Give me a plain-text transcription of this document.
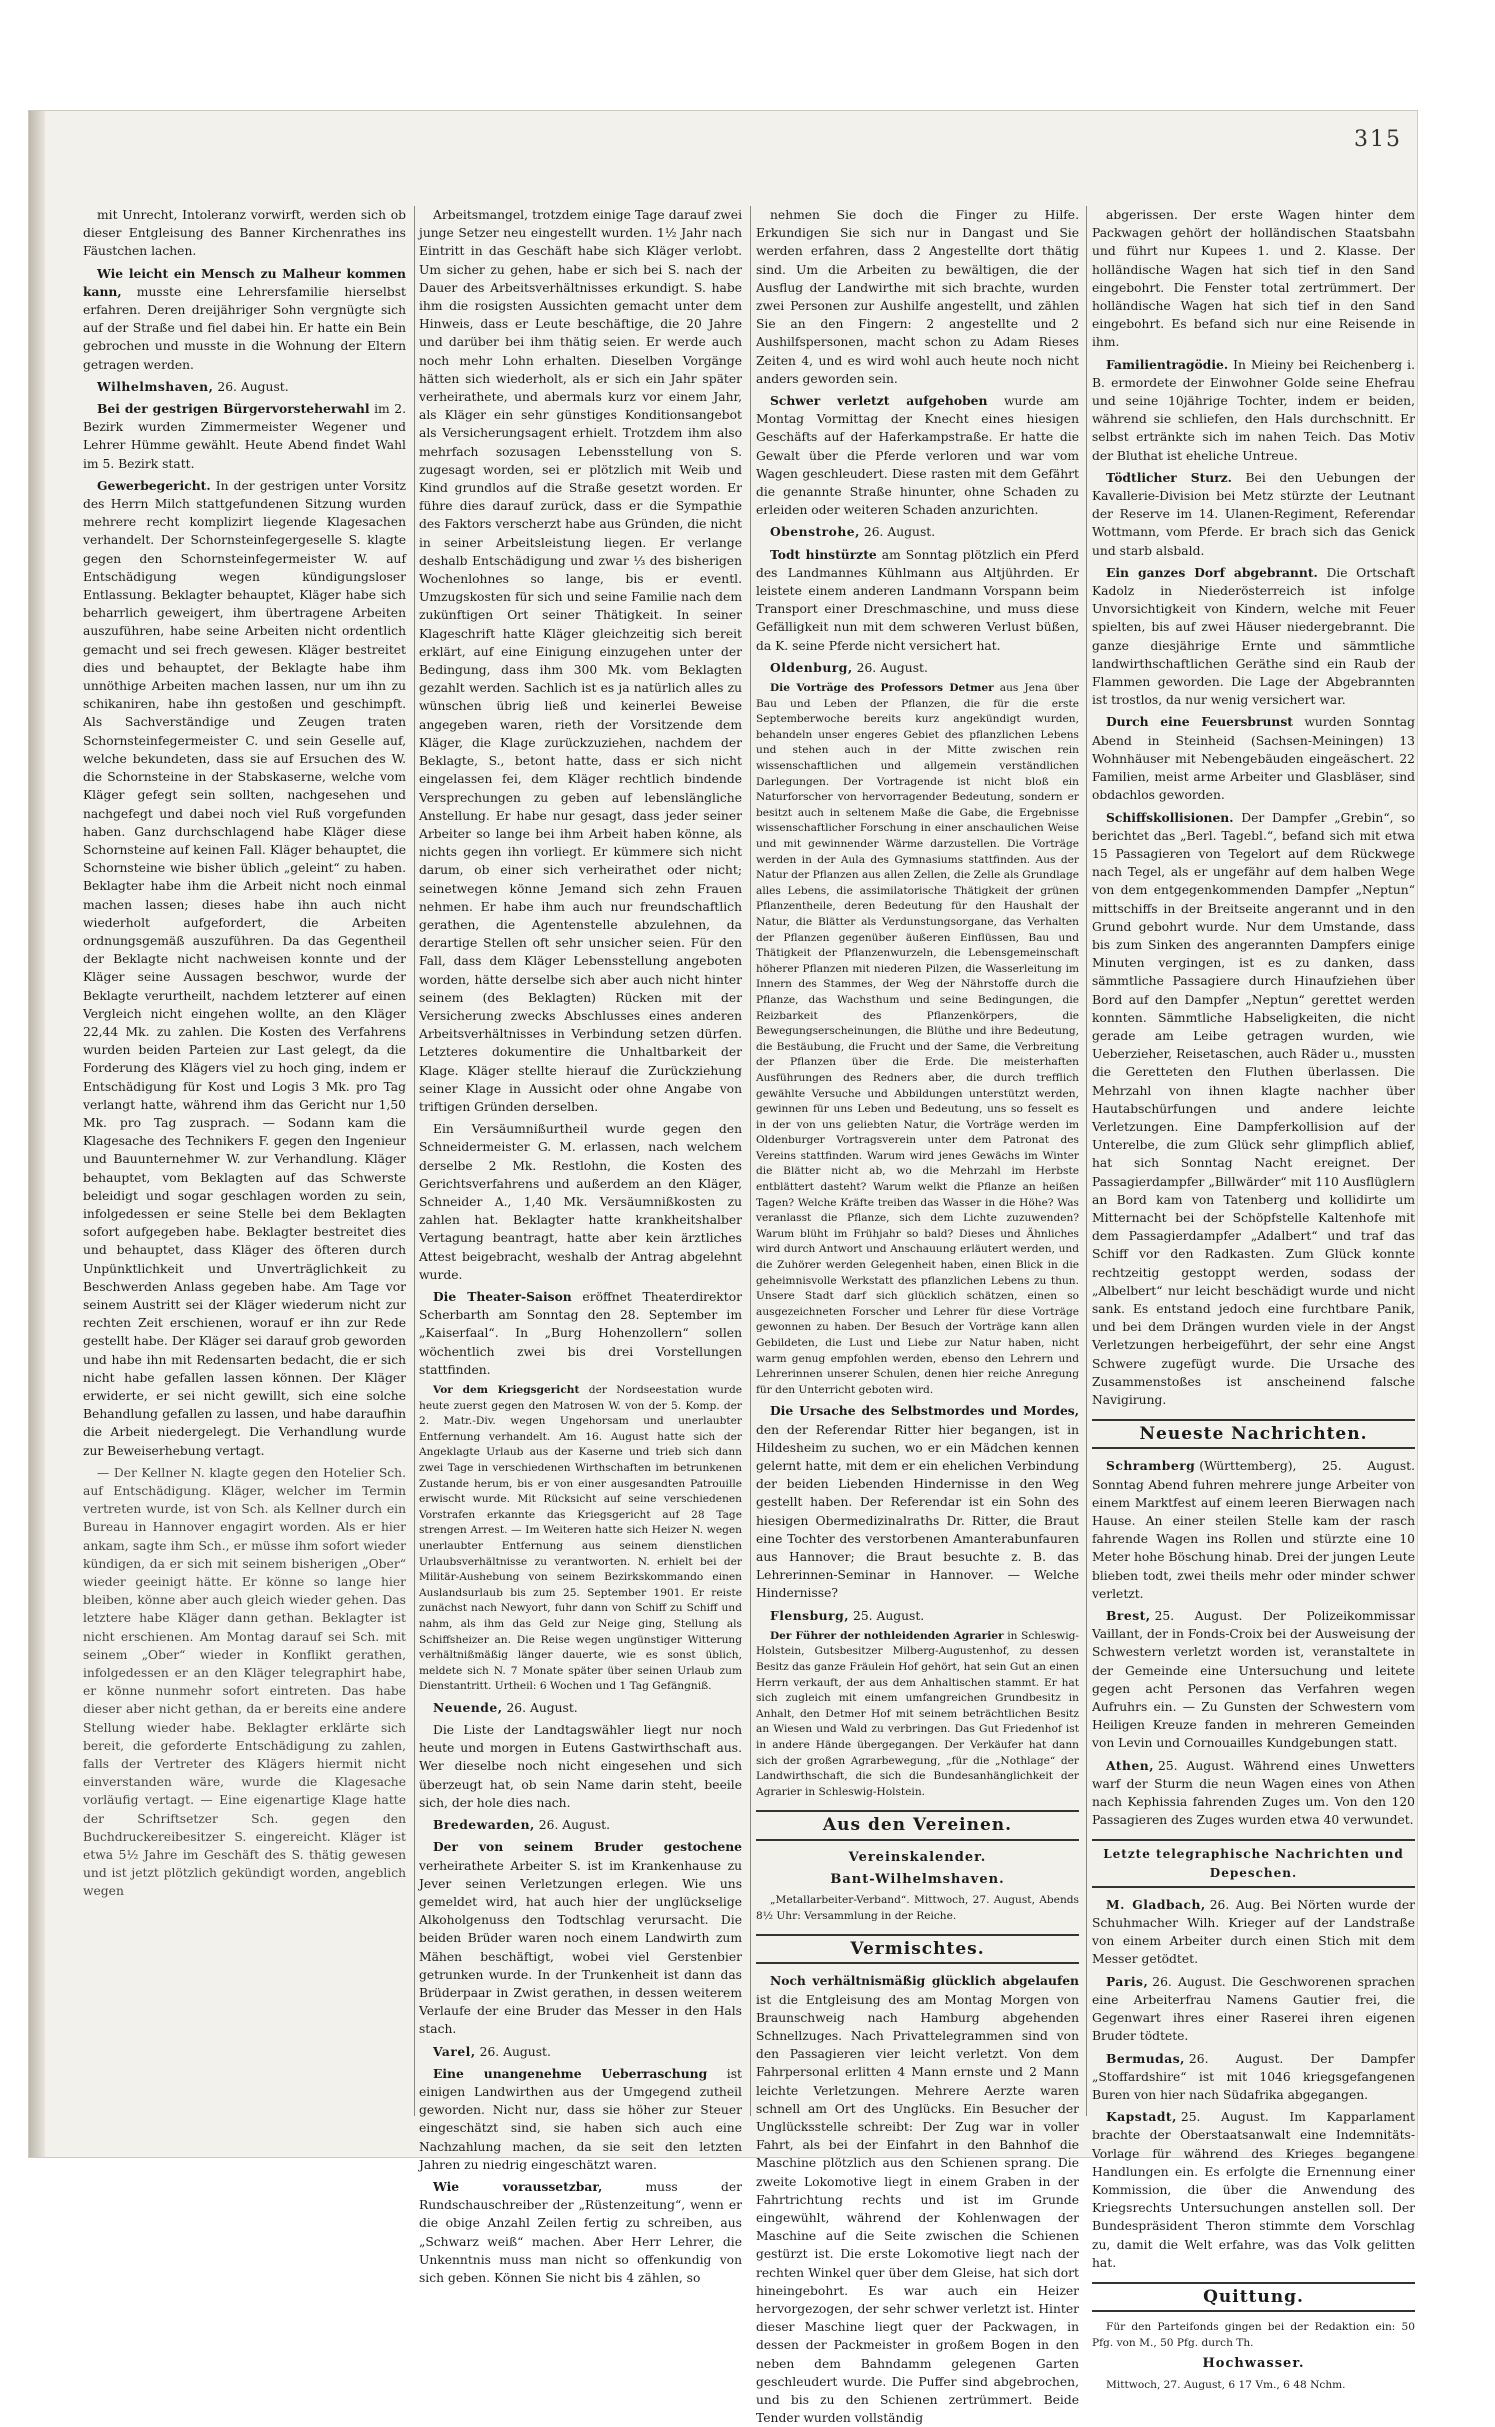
315

mit Unrecht, Intoleranz vorwirft, werden sich ob dieser Entgleisung des Banner Kirchenrathes ins Fäustchen lachen.

Wie leicht ein Mensch zu Malheur kommen kann, musste eine Lehrersfamilie hierselbst erfahren. Deren dreijähriger Sohn vergnügte sich auf der Straße und fiel dabei hin. Er hatte ein Bein gebrochen und musste in die Wohnung der Eltern getragen werden.

Wilhelmshaven, 26. August.

Bei der gestrigen Bürgervorsteherwahl im 2. Bezirk wurden Zimmermeister Wegener und Lehrer Hümme gewählt. Heute Abend findet Wahl im 5. Bezirk statt.

Gewerbegericht. In der gestrigen unter Vorsitz des Herrn Milch stattgefundenen Sitzung wurden mehrere recht komplizirt liegende Klagesachen verhandelt. Der Schornsteinfegergeselle S. klagte gegen den Schornsteinfegermeister W. auf Entschädigung wegen kündigungsloser Entlassung. Beklagter behauptet, Kläger habe sich beharrlich geweigert, ihm übertragene Arbeiten auszuführen, habe seine Arbeiten nicht ordentlich gemacht und sei frech gewesen. Kläger bestreitet dies und behauptet, der Beklagte habe ihm unnöthige Arbeiten machen lassen, nur um ihn zu schikaniren, habe ihn gestoßen und geschimpft. Als Sachverständige und Zeugen traten Schornsteinfegermeister C. und sein Geselle auf, welche bekundeten, dass sie auf Ersuchen des W. die Schornsteine in der Stabskaserne, welche vom Kläger gefegt sein sollten, nachgesehen und nachgefegt und dabei noch viel Ruß vorgefunden haben. Ganz durchschlagend habe Kläger diese Schornsteine auf keinen Fall. Kläger behauptet, die Schornsteine wie bisher üblich „geleint“ zu haben. Beklagter habe ihm die Arbeit nicht noch einmal machen lassen; dieses habe ihn auch nicht wiederholt aufgefordert, die Arbeiten ordnungsgemäß auszuführen. Da das Gegentheil der Beklagte nicht nachweisen konnte und der Kläger seine Aussagen beschwor, wurde der Beklagte verurtheilt, nachdem letzterer auf einen Vergleich nicht eingehen wollte, an den Kläger 22,44 Mk. zu zahlen. Die Kosten des Verfahrens wurden beiden Parteien zur Last gelegt, da die Forderung des Klägers viel zu hoch ging, indem er Entschädigung für Kost und Logis 3 Mk. pro Tag verlangt hatte, während ihm das Gericht nur 1,50 Mk. pro Tag zusprach. — Sodann kam die Klagesache des Technikers F. gegen den Ingenieur und Bauunternehmer W. zur Verhandlung. Kläger behauptet, vom Beklagten auf das Schwerste beleidigt und sogar geschlagen worden zu sein, infolgedessen er seine Stelle bei dem Beklagten sofort aufgegeben habe. Beklagter bestreitet dies und behauptet, dass Kläger des öfteren durch Unpünktlichkeit und Unverträglichkeit zu Beschwerden Anlass gegeben habe. Am Tage vor seinem Austritt sei der Kläger wiederum nicht zur rechten Zeit erschienen, worauf er ihn zur Rede gestellt habe. Der Kläger sei darauf grob geworden und habe ihn mit Redensarten bedacht, die er sich nicht habe gefallen lassen können. Der Kläger erwiderte, er sei nicht gewillt, sich eine solche Behandlung gefallen zu lassen, und habe daraufhin die Arbeit niedergelegt. Die Verhandlung wurde zur Beweiserhebung vertagt.

— Der Kellner N. klagte gegen den Hotelier Sch. auf Entschädigung. Kläger, welcher im Termin vertreten wurde, ist von Sch. als Kellner durch ein Bureau in Hannover engagirt worden. Als er hier ankam, sagte ihm Sch., er müsse ihm sofort wieder kündigen, da er sich mit seinem bisherigen „Ober“ wieder geeinigt hätte. Er könne so lange hier bleiben, könne aber auch gleich wieder gehen. Das letztere habe Kläger dann gethan. Beklagter ist nicht erschienen. Am Montag darauf sei Sch. mit seinem „Ober“ wieder in Konflikt gerathen, infolgedessen er an den Kläger telegraphirt habe, er könne nunmehr sofort eintreten. Das habe dieser aber nicht gethan, da er bereits eine andere Stellung wieder habe. Beklagter erklärte sich bereit, die geforderte Entschädigung zu zahlen, falls der Vertreter des Klägers hiermit nicht einverstanden wäre, wurde die Klagesache vorläufig vertagt. — Eine eigenartige Klage hatte der Schriftsetzer Sch. gegen den Buchdruckereibesitzer S. eingereicht. Kläger ist etwa 5½ Jahre im Geschäft des S. thätig gewesen und ist jetzt plötzlich gekündigt worden, angeblich wegen

Arbeitsmangel, trotzdem einige Tage darauf zwei junge Setzer neu eingestellt wurden. 1½ Jahr nach Eintritt in das Geschäft habe sich Kläger verlobt. Um sicher zu gehen, habe er sich bei S. nach der Dauer des Arbeitsverhältnisses erkundigt. S. habe ihm die rosigsten Aussichten gemacht unter dem Hinweis, dass er Leute beschäftige, die 20 Jahre und darüber bei ihm thätig seien. Er werde auch noch mehr Lohn erhalten. Dieselben Vorgänge hätten sich wiederholt, als er sich ein Jahr später verheirathete, und abermals kurz vor einem Jahr, als Kläger ein sehr günstiges Konditionsangebot als Versicherungsagent erhielt. Trotzdem ihm also mehrfach sozusagen Lebensstellung von S. zugesagt worden, sei er plötzlich mit Weib und Kind grundlos auf die Straße gesetzt worden. Er führe dies darauf zurück, dass er die Sympathie des Faktors verscherzt habe aus Gründen, die nicht in seiner Arbeitsleistung liegen. Er verlange deshalb Entschädigung und zwar ⅓ des bisherigen Wochenlohnes so lange, bis er eventl. Umzugskosten für sich und seine Familie nach dem zukünftigen Ort seiner Thätigkeit. In seiner Klageschrift hatte Kläger gleichzeitig sich bereit erklärt, auf eine Einigung einzugehen unter der Bedingung, dass ihm 300 Mk. vom Beklagten gezahlt werden. Sachlich ist es ja natürlich alles zu wünschen übrig ließ und keinerlei Beweise angegeben waren, rieth der Vorsitzende dem Kläger, die Klage zurückzuziehen, nachdem der Beklagte, S., betont hatte, dass er sich nicht eingelassen fei, dem Kläger rechtlich bindende Versprechungen zu geben auf lebenslängliche Anstellung. Er habe nur gesagt, dass jeder seiner Arbeiter so lange bei ihm Arbeit haben könne, als nichts gegen ihn vorliegt. Er kümmere sich nicht darum, ob einer sich verheirathet oder nicht; seinetwegen könne Jemand sich zehn Frauen nehmen. Er habe ihm auch nur freundschaftlich gerathen, die Agentenstelle abzulehnen, da derartige Stellen oft sehr unsicher seien. Für den Fall, dass dem Kläger Lebensstellung angeboten worden, hätte derselbe sich aber auch nicht hinter seinem (des Beklagten) Rücken mit der Versicherung zwecks Abschlusses eines anderen Arbeitsverhältnisses in Verbindung setzen dürfen. Letzteres dokumentire die Unhaltbarkeit der Klage. Kläger stellte hierauf die Zurückziehung seiner Klage in Aussicht oder ohne Angabe von triftigen Gründen derselben.

Ein Versäumnißurtheil wurde gegen den Schneidermeister G. M. erlassen, nach welchem derselbe 2 Mk. Restlohn, die Kosten des Gerichtsverfahrens und außerdem an den Kläger, Schneider A., 1,40 Mk. Versäumnißkosten zu zahlen hat. Beklagter hatte krankheitshalber Vertagung beantragt, hatte aber kein ärztliches Attest beigebracht, weshalb der Antrag abgelehnt wurde.

Die Theater-Saison eröffnet Theaterdirektor Scherbarth am Sonntag den 28. September im „Kaiserfaal“. In „Burg Hohenzollern“ sollen wöchentlich zwei bis drei Vorstellungen stattfinden.

Vor dem Kriegsgericht der Nordseestation wurde heute zuerst gegen den Matrosen W. von der 5. Komp. der 2. Matr.-Div. wegen Ungehorsam und unerlaubter Entfernung verhandelt. Am 16. August hatte sich der Angeklagte Urlaub aus der Kaserne und trieb sich dann zwei Tage in verschiedenen Wirthschaften im betrunkenen Zustande herum, bis er von einer ausgesandten Patrouille erwischt wurde. Mit Rücksicht auf seine verschiedenen Vorstrafen erkannte das Kriegsgericht auf 28 Tage strengen Arrest. — Im Weiteren hatte sich Heizer N. wegen unerlaubter Entfernung aus seinem dienstlichen Urlaubsverhältnisse zu verantworten. N. erhielt bei der Militär-Aushebung von seinem Bezirkskommando einen Auslandsurlaub bis zum 25. September 1901. Er reiste zunächst nach Newyort, fuhr dann von Schiff zu Schiff und nahm, als ihm das Geld zur Neige ging, Stellung als Schiffsheizer an. Die Reise wegen ungünstiger Witterung verhältnißmäßig länger dauerte, wie es sonst üblich, meldete sich N. 7 Monate später über seinen Urlaub zum Dienstantritt. Urtheil: 6 Wochen und 1 Tag Gefängniß.

Neuende, 26. August.

Die Liste der Landtagswähler liegt nur noch heute und morgen in Eutens Gastwirthschaft aus. Wer dieselbe noch nicht eingesehen und sich überzeugt hat, ob sein Name darin steht, beeile sich, der hole dies nach.

Bredewarden, 26. August.

Der von seinem Bruder gestochene verheirathete Arbeiter S. ist im Krankenhause zu Jever seinen Verletzungen erlegen. Wie uns gemeldet wird, hat auch hier der unglückselige Alkoholgenuss den Todtschlag verursacht. Die beiden Brüder waren noch einem Landwirth zum Mähen beschäftigt, wobei viel Gerstenbier getrunken wurde. In der Trunkenheit ist dann das Brüderpaar in Zwist gerathen, in dessen weiterem Verlaufe der eine Bruder das Messer in den Hals stach.

Varel, 26. August.

Eine unangenehme Ueberraschung ist einigen Landwirthen aus der Umgegend zutheil geworden. Nicht nur, dass sie höher zur Steuer eingeschätzt sind, sie haben sich auch eine Nachzahlung machen, da sie seit den letzten Jahren zu niedrig eingeschätzt waren.

Wie voraussetzbar,	muss der Rundschauschreiber der „Rüstenzeitung“, wenn er die obige Anzahl Zeilen fertig zu schreiben, aus „Schwarz weiß“ machen. Aber Herr Lehrer, die Unkenntnis muss man nicht so offenkundig von sich geben. Können Sie nicht bis 4 zählen, so

nehmen Sie doch die Finger zu Hilfe. Erkundigen Sie sich nur in Dangast und Sie werden erfahren, dass 2 Angestellte dort thätig sind. Um die Arbeiten zu bewältigen, die der Ausflug der Landwirthe mit sich brachte, wurden zwei Personen zur Aushilfe angestellt, und zählen Sie an den Fingern: 2 angestellte und 2 Aushilfspersonen, macht schon zu Adam Rieses Zeiten 4, und es wird wohl auch heute noch nicht anders geworden sein.

Schwer verletzt aufgehoben wurde am Montag Vormittag der Knecht eines hiesigen Geschäfts auf der Haferkampstraße. Er hatte die Gewalt über die Pferde verloren und war vom Wagen geschleudert. Diese rasten mit dem Gefährt die genannte Straße hinunter, ohne Schaden zu erleiden oder weiteren Schaden anzurichten.

Obenstrohe, 26. August.

Todt hinstürzte am Sonntag plötzlich ein Pferd des Landmannes Kühlmann aus Altjührden. Er leistete einem anderen Landmann Vorspann beim Transport einer Dreschmaschine, und muss diese Gefälligkeit nun mit dem schweren Verlust büßen, da K. seine Pferde nicht versichert hat.

Oldenburg, 26. August.

Die Vorträge des Professors Detmer aus Jena über Bau und Leben der Pflanzen, die für die erste Septemberwoche bereits kurz angekündigt wurden, behandeln unser engeres Gebiet des pflanzlichen Lebens und stehen auch in der Mitte zwischen rein wissenschaftlichen und allgemein verständlichen Darlegungen. Der Vortragende ist nicht bloß ein Naturforscher von hervorragender Bedeutung, sondern er besitzt auch in seltenem Maße die Gabe, die Ergebnisse wissenschaftlicher Forschung in einer anschaulichen Weise und mit gewinnender Wärme darzustellen. Die Vorträge werden in der Aula des Gymnasiums stattfinden. Aus der Natur der Pflanzen aus allen Zellen, die Zelle als Grundlage alles Lebens, die assimilatorische Thätigkeit der grünen Pflanzentheile, deren Bedeutung für den Haushalt der Natur, die Blätter als Verdunstungsorgane, das Verhalten der Pflanzen gegenüber äußeren Einflüssen, Bau und Thätigkeit der Pflanzenwurzeln, die Lebensgemeinschaft höherer Pflanzen mit niederen Pilzen, die Wasserleitung im Innern des Stammes, der Weg der Nährstoffe durch die Pflanze, das Wachsthum und seine Bedingungen, die Reizbarkeit des Pflanzenkörpers, die Bewegungserscheinungen, die Blüthe und ihre Bedeutung, die Bestäubung, die Frucht und der Same, die Verbreitung der Pflanzen über die Erde. Die meisterhaften Ausführungen des Redners aber, die durch trefflich gewählte Versuche und Abbildungen unterstützt werden, gewinnen für uns Leben und Bedeutung, uns so fesselt es in der von uns geliebten Natur, die Vorträge werden im Oldenburger Vortragsverein unter dem Patronat des Vereins stattfinden. Warum wird jenes Gewächs im Winter die Blätter nicht ab, wo die Mehrzahl im Herbste entblättert dasteht? Warum welkt die Pflanze an heißen Tagen? Welche Kräfte treiben das Wasser in die Höhe? Was veranlasst die Pflanze, sich dem Lichte zuzuwenden? Warum blüht im Frühjahr so bald? Dieses und Ähnliches wird durch Antwort und Anschauung erläutert werden, und die Zuhörer werden Gelegenheit haben, einen Blick in die geheimnisvolle Werkstatt des pflanzlichen Lebens zu thun. Unsere Stadt darf sich glücklich schätzen, einen so ausgezeichneten Forscher und Lehrer für diese Vorträge gewonnen zu haben. Der Besuch der Vorträge kann allen Gebildeten, die Lust und Liebe zur Natur haben, nicht warm genug empfohlen werden, ebenso den Lehrern und Lehrerinnen unserer Schulen, denen hier reiche Anregung für den Unterricht geboten wird.

Die Ursache des Selbstmordes und Mordes, den der Referendar Ritter hier begangen, ist in Hildesheim zu suchen, wo er ein Mädchen kennen gelernt hatte, mit dem er ein ehelichen Verbindung der beiden Liebenden Hindernisse in den Weg gestellt haben. Der Referendar ist ein Sohn des hiesigen Obermedizinalraths Dr. Ritter, die Braut eine Tochter des verstorbenen Amanterabunfauren aus Hannover; die Braut besuchte z. B. das Lehrerinnen-Seminar in Hannover. — Welche Hindernisse?

Flensburg, 25. August.

Der Führer der nothleidenden Agrarier in Schleswig-Holstein, Gutsbesitzer Milberg-Augustenhof, zu dessen Besitz das ganze Fräulein Hof gehört, hat sein Gut an einen Herrn verkauft, der aus dem Anhaltischen stammt. Er hat sich zugleich mit einem umfangreichen Grundbesitz in Anhalt, den Detmer Hof mit seinem beträchtlichen Besitz an Wiesen und Wald zu verbringen. Das Gut Friedenhof ist in andere Hände übergegangen. Der Verkäufer hat dann sich der großen Agrarbewegung, „für die „Nothlage“ der Landwirthschaft, die sich die Bundesanhänglichkeit der Agrarier in Schleswig-Holstein.

Aus den Vereinen.
Vereinskalender.
Bant-Wilhelmshaven.

„Metallarbeiter-Verband“. Mittwoch, 27. August, Abends 8½ Uhr: Versammlung in der Reiche.

Vermischtes.

Noch verhältnismäßig glücklich abgelaufen ist die Entgleisung des am Montag Morgen von Braunschweig nach Hamburg abgehenden Schnellzuges. Nach Privattelegrammen sind von den Passagieren vier leicht verletzt. Von dem Fahrpersonal erlitten 4 Mann ernste und 2 Mann leichte Verletzungen. Mehrere Aerzte waren schnell am Ort des Unglücks. Ein Besucher der Unglücksstelle schreibt: Der Zug war in voller Fahrt, als bei der Einfahrt in den Bahnhof die Maschine plötzlich aus den Schienen sprang. Die zweite Lokomotive liegt in einem Graben in der Fahrtrichtung rechts und ist im Grunde eingewühlt, während der Kohlenwagen der Maschine auf die Seite zwischen die Schienen gestürzt ist. Die erste Lokomotive liegt nach der rechten Winkel quer über dem Gleise, hat sich dort hineingebohrt. Es war auch ein Heizer hervorgezogen, der sehr schwer verletzt ist. Hinter dieser Maschine liegt quer der Packwagen, in dessen der Packmeister in großem Bogen in den neben dem Bahndamm gelegenen Garten geschleudert wurde. Die Puffer sind abgebrochen, und bis zu den Schienen zertrümmert. Beide Tender wurden vollständig

abgerissen. Der erste Wagen hinter dem Packwagen gehört der holländischen Staatsbahn und führt nur Kupees 1. und 2. Klasse. Der holländische Wagen hat sich tief in den Sand eingebohrt. Die Fenster total zertrümmert. Der holländische Wagen hat sich tief in den Sand eingebohrt. Es befand sich nur eine Reisende in ihm.

Familientragödie. In Mieiny bei Reichenberg i. B. ermordete der Einwohner Golde seine Ehefrau und seine 10jährige Tochter, indem er beiden, während sie schliefen, den Hals durchschnitt. Er selbst ertränkte sich im nahen Teich. Das Motiv der Bluthat ist eheliche Untreue.

Tödtlicher Sturz. Bei den Uebungen der Kavallerie-Division bei Metz stürzte der Leutnant der Reserve im 14. Ulanen-Regiment, Referendar Wottmann, vom Pferde. Er brach sich das Genick und starb alsbald.

Ein ganzes Dorf abgebrannt. Die Ortschaft Kadolz in Niederösterreich ist infolge Unvorsichtigkeit von Kindern, welche mit Feuer spielten, bis auf zwei Häuser niedergebrannt. Die ganze diesjährige Ernte und sämmtliche landwirthschaftlichen Geräthe sind ein Raub der Flammen geworden. Die Lage der Abgebrannten ist trostlos, da nur wenig versichert war.

Durch eine Feuersbrunst wurden Sonntag Abend in Steinheid (Sachsen-Meiningen) 13 Wohnhäuser mit Nebengebäuden eingeäschert. 22 Familien, meist arme Arbeiter und Glasbläser, sind obdachlos geworden.

Schiffskollisionen. Der Dampfer „Grebin“, so berichtet das „Berl. Tagebl.“, befand sich mit etwa 15 Passagieren von Tegelort auf dem Rückwege nach Tegel, als er ungefähr auf dem halben Wege von dem entgegenkommenden Dampfer „Neptun“ mittschiffs in der Breitseite angerannt und in den Grund gebohrt wurde. Nur dem Umstande, dass bis zum Sinken des angerannten Dampfers einige Minuten vergingen, ist es zu danken, dass sämmtliche Passagiere durch Hinaufziehen über Bord auf den Dampfer „Neptun“ gerettet werden konnten. Sämmtliche Habseligkeiten, die nicht gerade am Leibe getragen wurden, wie Ueberzieher, Reisetaschen, auch Räder u., mussten die Geretteten den Fluthen überlassen. Die Mehrzahl von ihnen klagte nachher über Hautabschürfungen und andere leichte Verletzungen. Eine Dampferkollision auf der Unterelbe, die zum Glück sehr glimpflich ablief, hat sich Sonntag Nacht ereignet. Der Passagierdampfer „Billwärder“ mit 110 Ausflüglern an Bord kam von Tatenberg und kollidirte um Mitternacht bei der Schöpfstelle Kaltenhofe mit dem Passagierdampfer „Adalbert“ und traf das Schiff vor den Radkasten. Zum Glück konnte rechtzeitig gestoppt werden, sodass der „Albelbert“ nur leicht beschädigt wurde und nicht sank. Es entstand jedoch eine furchtbare Panik, und bei dem Drängen wurden viele in der Angst Verletzungen herbeigeführt, der sehr eine Angst Schwere zugefügt wurde. Die Ursache des Zusammenstoßes ist anscheinend falsche Navigirung.

Neueste Nachrichten.

Schramberg (Württemberg), 25. August. Sonntag Abend fuhren mehrere junge Arbeiter von einem Marktfest auf einem leeren Bierwagen nach Hause. An einer steilen Stelle kam der rasch fahrende Wagen ins Rollen und stürzte eine 10 Meter hohe Böschung hinab. Drei der jungen Leute blieben todt, zwei theils mehr oder minder schwer verletzt.

Brest, 25. August. Der Polizeikommissar Vaillant, der in Fonds-Croix bei der Ausweisung der Schwestern verletzt worden ist, veranstaltete in der Gemeinde eine Untersuchung und leitete gegen acht Personen das Verfahren wegen Aufruhrs ein. — Zu Gunsten der Schwestern vom Heiligen Kreuze fanden in mehreren Gemeinden von Levin und Cornouailles Kundgebungen statt.

Athen, 25. August. Während eines Unwetters warf der Sturm die neun Wagen eines von Athen nach Kephissia fahrenden Zuges um. Von den 120 Passagieren des Zuges wurden etwa 40 verwundet.

Letzte telegraphische Nachrichten und Depeschen.

M. Gladbach, 26. Aug. Bei Nörten wurde der Schuhmacher Wilh. Krieger auf der Landstraße von einem Arbeiter durch einen Stich mit dem Messer getödtet.

Paris, 26. August. Die Geschworenen sprachen eine Arbeiterfrau Namens Gautier frei, die Gegenwart ihres einer Raserei ihren eigenen Bruder tödtete.

Bermudas, 26. August. Der Dampfer „Stoffardshire“ ist mit 1046 kriegsgefangenen Buren von hier nach Südafrika abgegangen.

Kapstadt, 25. August. Im Kapparlament brachte der Oberstaatsanwalt eine Indemnitäts-Vorlage für während des Krieges begangene Handlungen ein. Es erfolgte die Ernennung einer Kommission, die über die Anwendung des Kriegsrechts Untersuchungen anstellen soll. Der Bundespräsident Theron stimmte dem Vorschlag zu, damit die Welt erfahre, was das Volk gelitten hat.

Quittung.

Für den Parteifonds gingen bei der Redaktion ein: 50 Pfg. von M., 50 Pfg. durch Th.

Hochwasser.

Mittwoch, 27. August, 6 17 Vm., 6 48 Nchm.
